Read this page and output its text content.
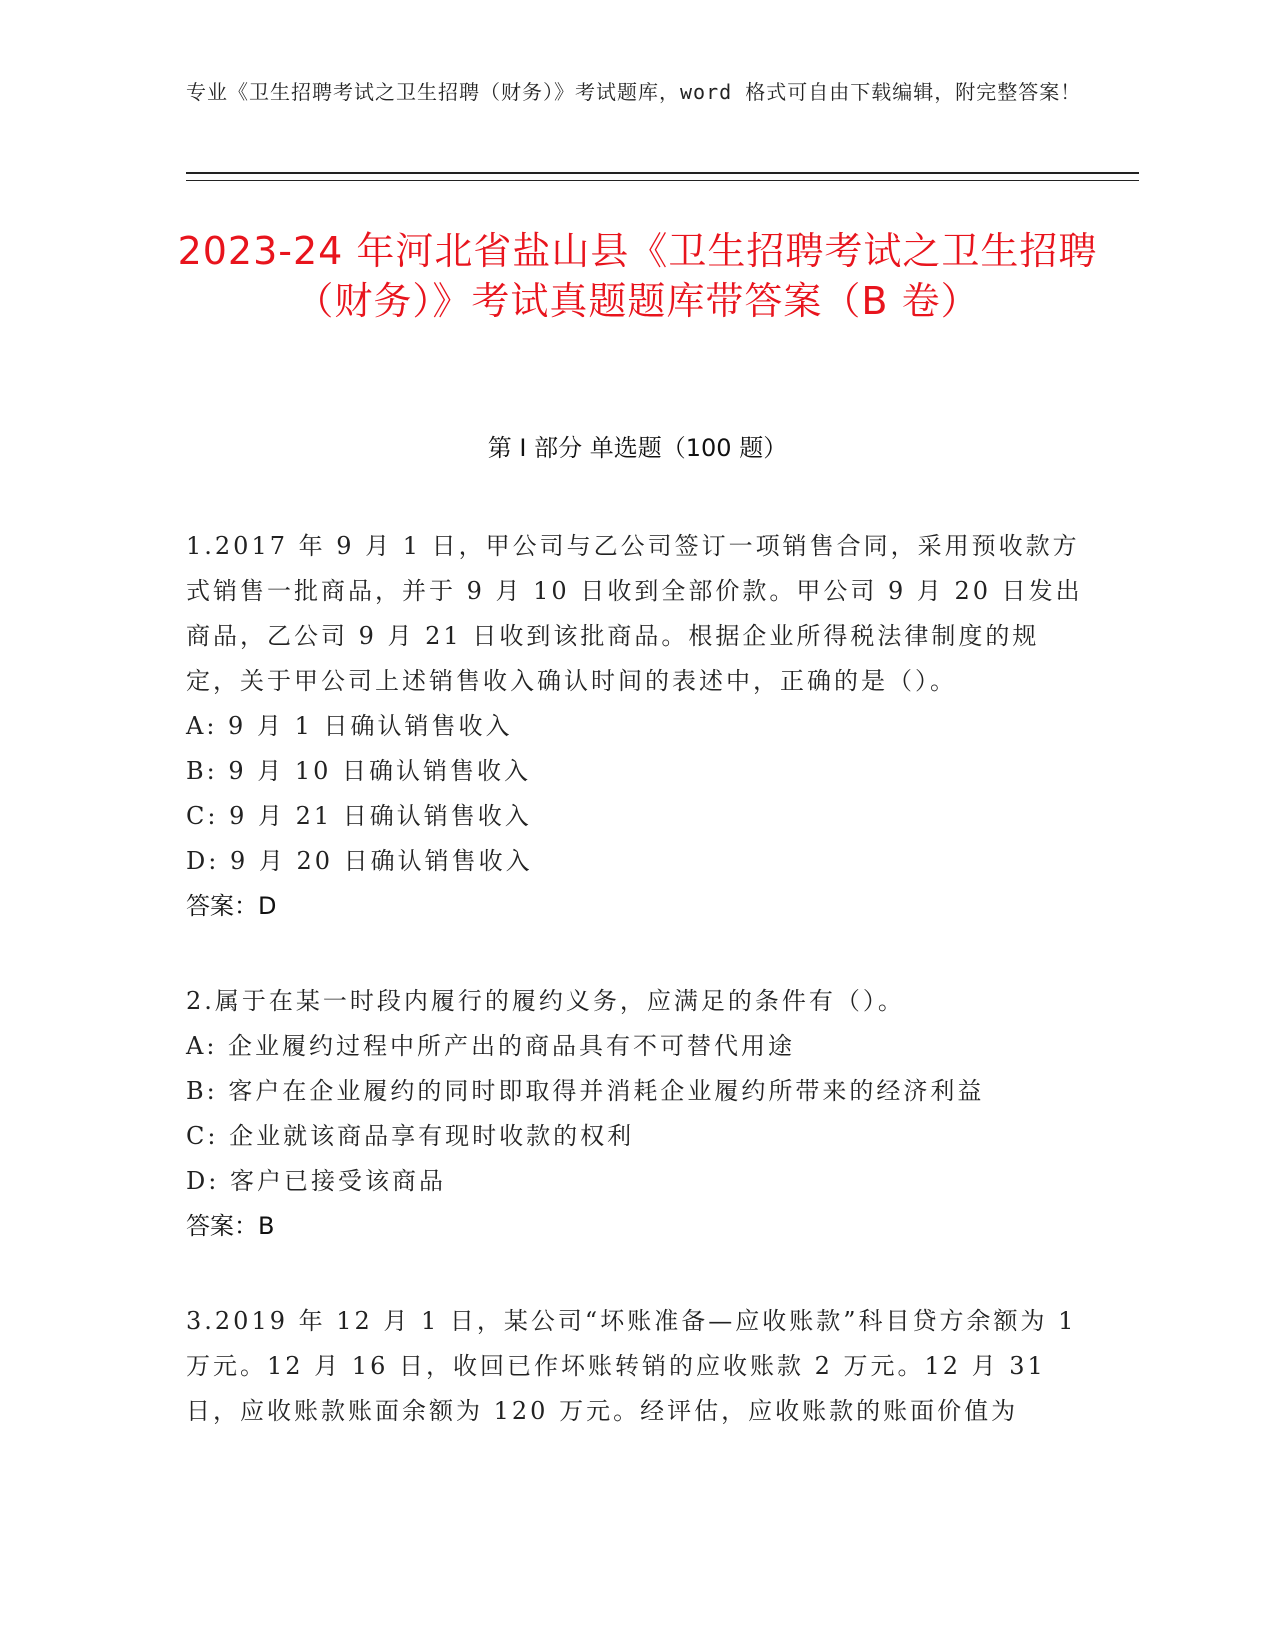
专业《卫生招聘考试之卫生招聘（财务）》考试题库，word 格式可自由下载编辑，附完整答案！
2023-24 年河北省盐山县《卫生招聘考试之卫生招聘（财务）》考试真题题库带答案（B 卷）
第 I 部分 单选题（100 题）

1.2017 年 9 月 1 日，甲公司与乙公司签订一项销售合同，采用预收款方式销售一批商品，并于 9 月 10 日收到全部价款。甲公司 9 月 20 日发出商品，乙公司 9 月 21 日收到该批商品。根据企业所得税法律制度的规定，关于甲公司上述销售收入确认时间的表述中，正确的是（）。

A: 9 月 1 日确认销售收入

B: 9 月 10 日确认销售收入

C: 9 月 21 日确认销售收入

D: 9 月 20 日确认销售收入

答案：D

2.属于在某一时段内履行的履约义务，应满足的条件有（）。

A: 企业履约过程中所产出的商品具有不可替代用途

B: 客户在企业履约的同时即取得并消耗企业履约所带来的经济利益

C: 企业就该商品享有现时收款的权利

D: 客户已接受该商品

答案：B

3.2019 年 12 月 1 日，某公司“坏账准备—应收账款”科目贷方余额为 1 万元。12 月 16 日，收回已作坏账转销的应收账款 2 万元。12 月 31 日，应收账款账面余额为 120 万元。经评估，应收账款的账面价值为
